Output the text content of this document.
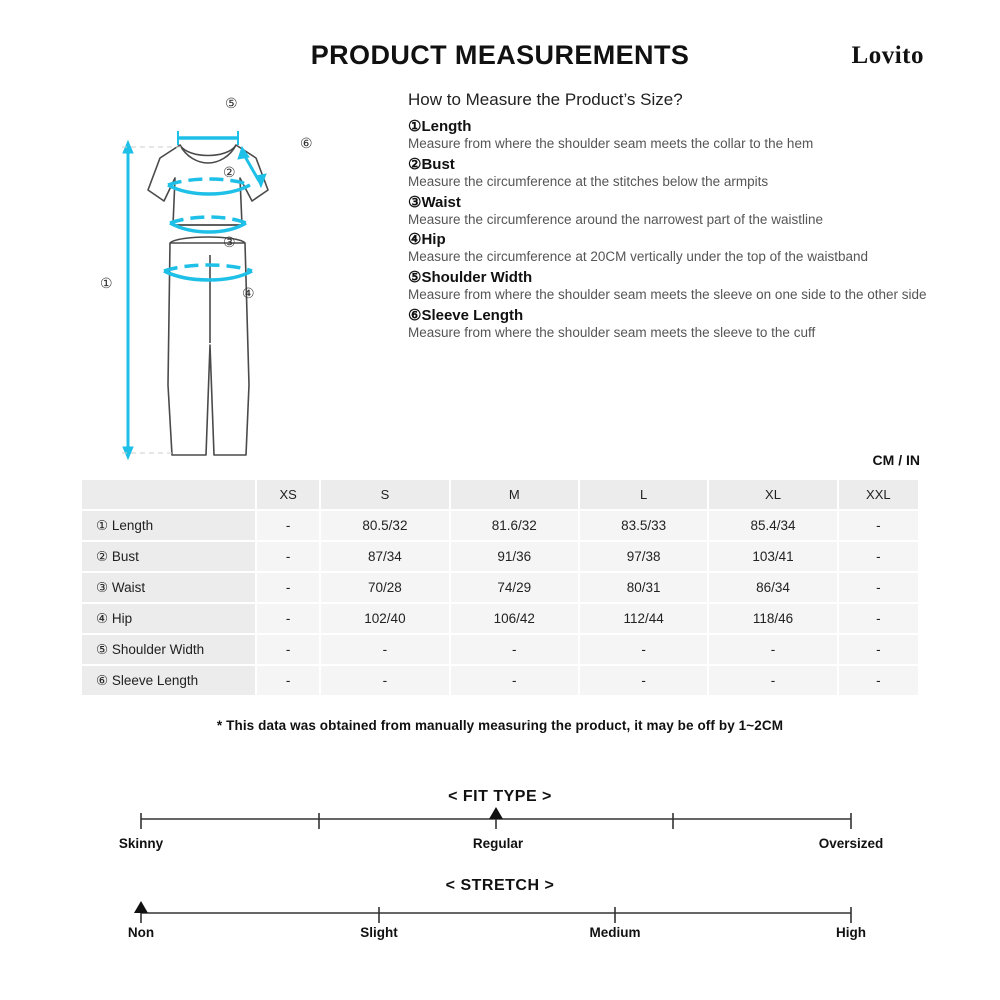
PRODUCT MEASUREMENTS	Lovito
①
⑤
⑥
②
③
④
How to Measure the Product’s Size?
①Length
Measure from where the shoulder seam meets the collar to the hem
②Bust
Measure the circumference at the stitches below the armpits
③Waist
Measure the circumference around the narrowest part of the waistline
④Hip
Measure the circumference at 20CM vertically under the top of the waistband
⑤Shoulder Width
Measure from where the shoulder seam meets the sleeve on one side to the other side
⑥Sleeve Length
Measure from where the shoulder seam meets the sleeve to the cuff
CM / IN
	XS	S	M	L	XL	XXL
① Length	-	80.5/32	81.6/32	83.5/33	85.4/34	-
② Bust	-	87/34	91/36	97/38	103/41	-
③ Waist	-	70/28	74/29	80/31	86/34	-
④ Hip	-	102/40	106/42	112/44	118/46	-
⑤ Shoulder Width	-	-	-	-	-	-
⑥ Sleeve Length	-	-	-	-	-	-
* This data was obtained from manually measuring the product, it may be off by 1~2CM
< FIT TYPE >
Skinny	Regular	Oversized
< STRETCH >
Non	Slight	Medium	High
